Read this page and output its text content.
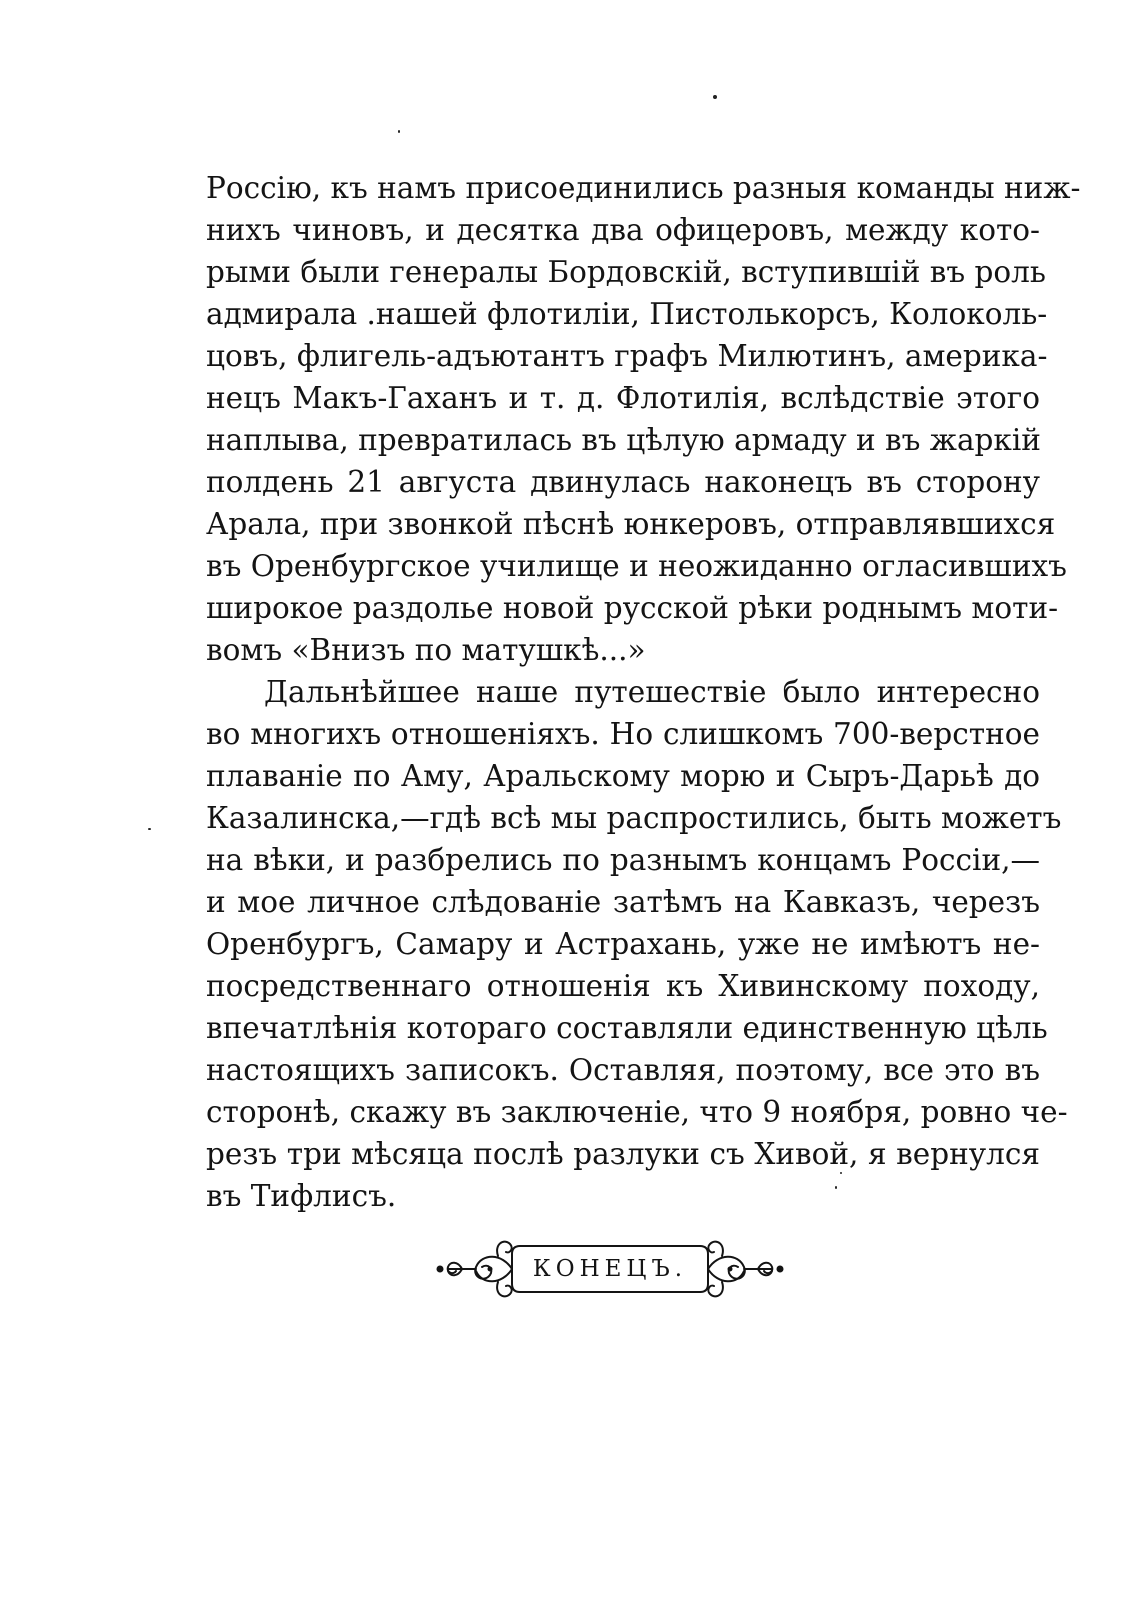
Россію, къ намъ присоединились разныя команды ниж-
нихъ чиновъ, и десятка два офицеровъ, между кото-
рыми были генералы Бордовскій, вступившій въ роль
адмирала .нашей флотиліи, Пистолькорсъ, Колоколь-
цовъ, флигель-адъютантъ графъ Милютинъ, америка-
нецъ Макъ-Гаханъ и т. д. Флотилія, вслѣдствіе этого
наплыва, превратилась въ цѣлую армаду и въ жаркій
полдень 21 августа двинулась наконецъ въ сторону
Арала, при звонкой пѣснѣ юнкеровъ, отправлявшихся
въ Оренбургское училище и неожиданно огласившихъ
широкое раздолье новой русской рѣки роднымъ моти-
вомъ «Внизъ по матушкѣ...»
Дальнѣйшее наше путешествіе было интересно
во многихъ отношеніяхъ. Но слишкомъ 700-верстное
плаваніе по Аму, Аральскому морю и Сыръ-Дарьѣ до
Казалинска,—гдѣ всѣ мы распростились, быть можетъ
на вѣки, и разбрелись по разнымъ концамъ Россіи,—
и мое личное слѣдованіе затѣмъ на Кавказъ, черезъ
Оренбургъ, Самару и Астрахань, уже не имѣютъ не-
посредственнаго отношенія къ Хивинскому походу,
впечатлѣнія котораго составляли единственную цѣль
настоящихъ записокъ. Оставляя, поэтому, все это въ
сторонѣ, скажу въ заключеніе, что 9 ноября, ровно че-
резъ три мѣсяца послѣ разлуки съ Хивой, я вернулся
въ Тифлисъ.
КОНЕЦЪ.
